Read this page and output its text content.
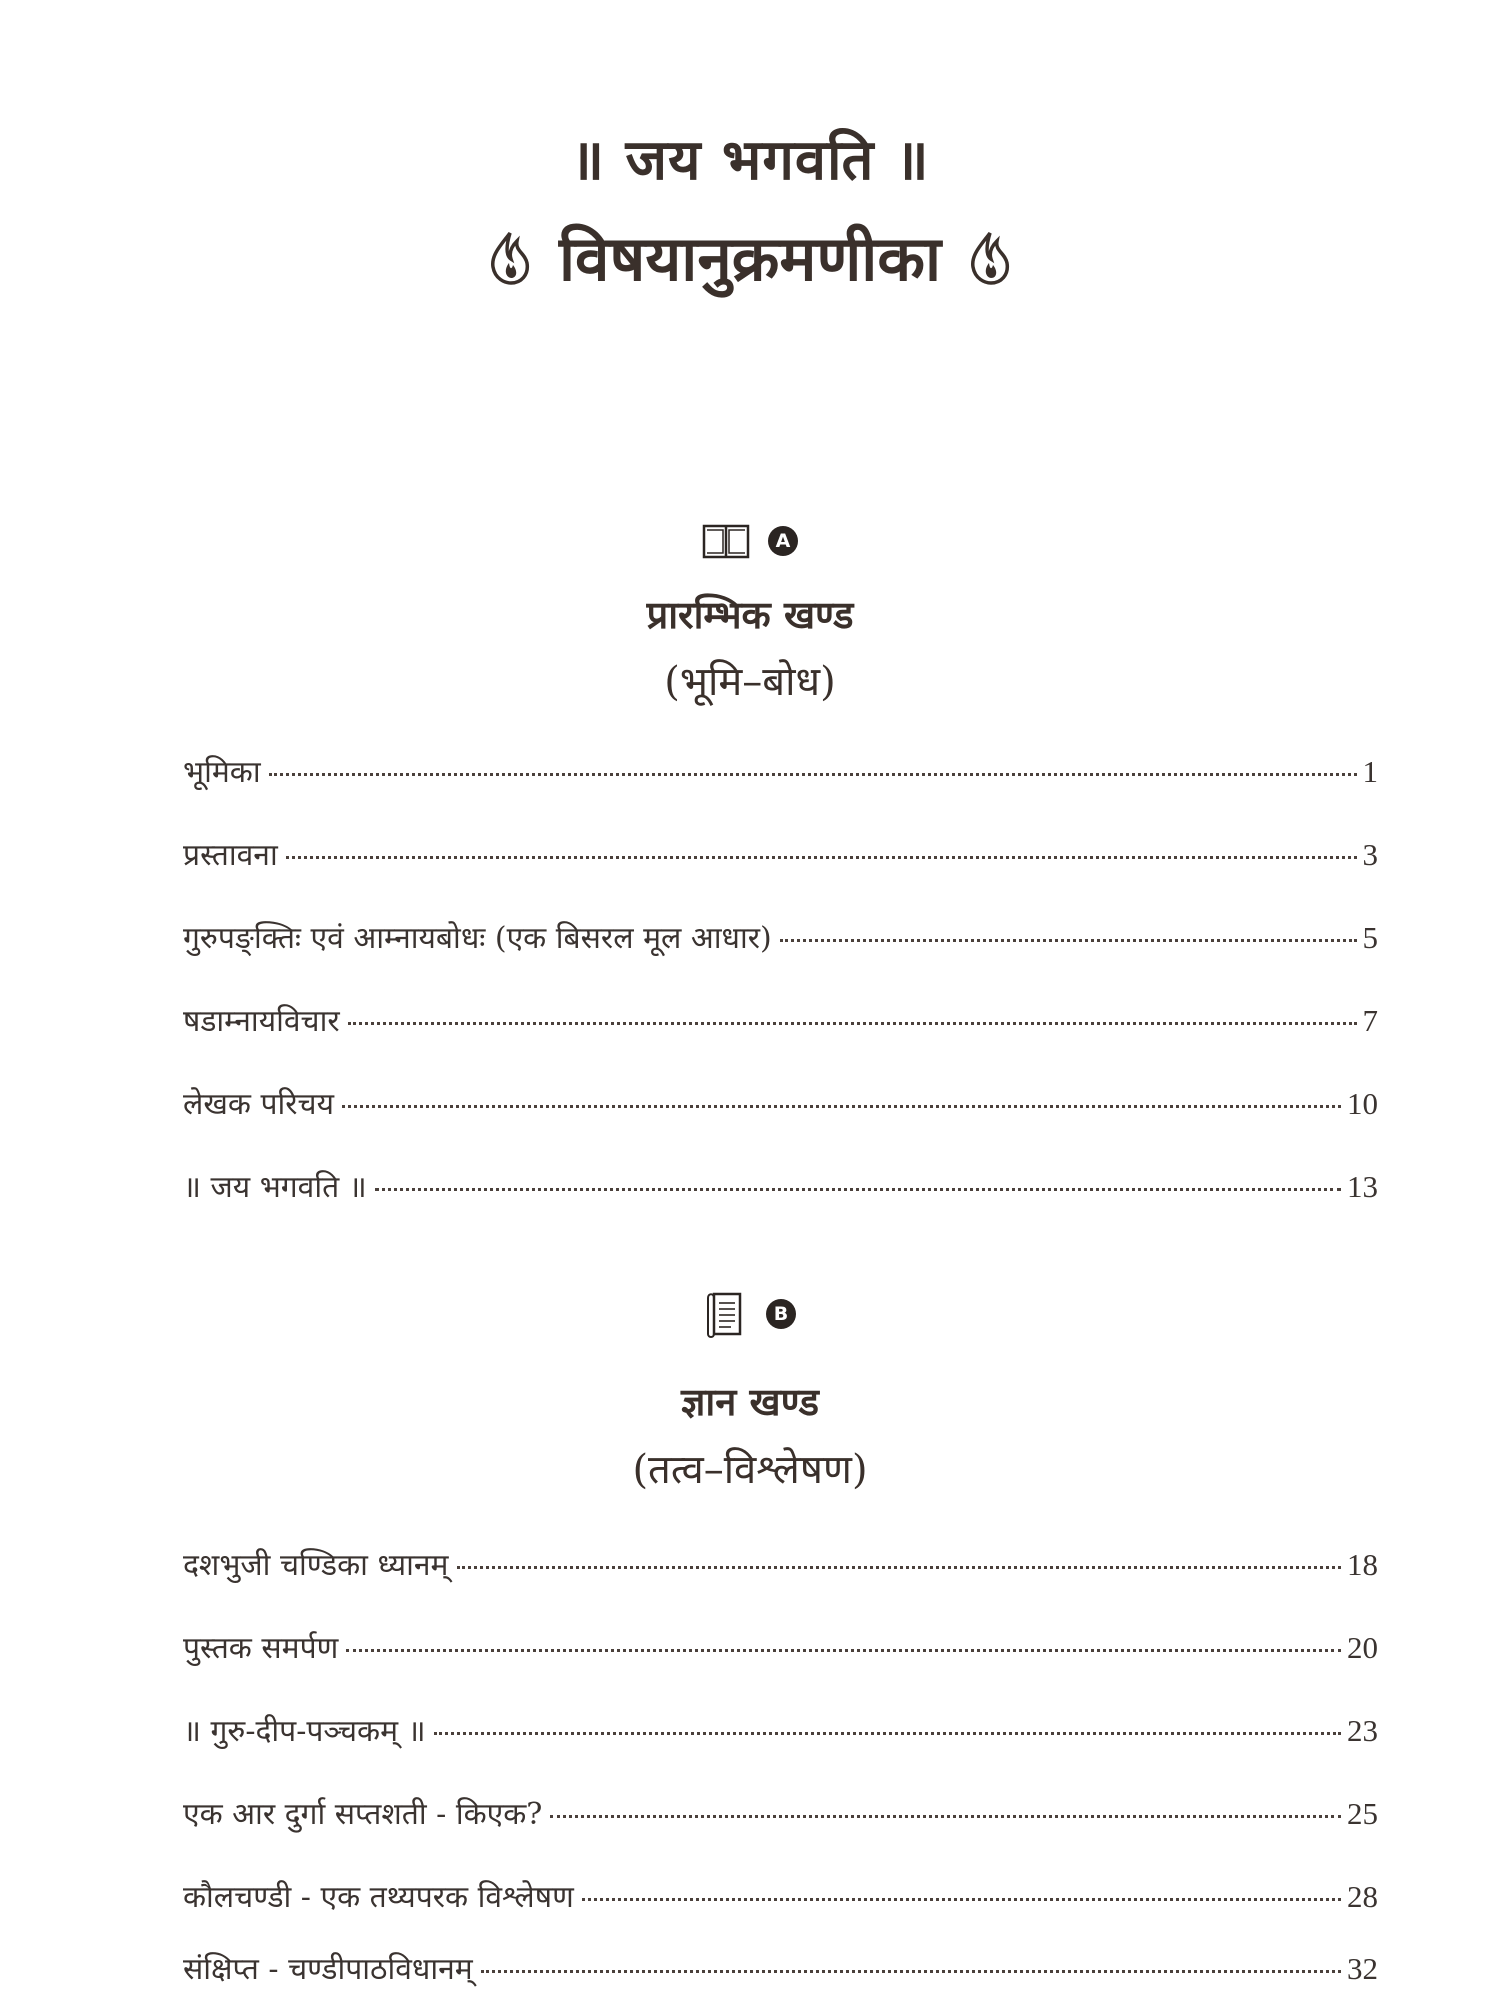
॥ जय भगवति ॥
विषयानुक्रमणीका
A
प्रारम्भिक खण्ड
(भूमि–बोध)
भूमिका	1
प्रस्तावना	3
गुरुपङ्क्तिः एवं आम्नायबोधः (एक बिसरल मूल आधार)	5
षडाम्नायविचार	7
लेखक परिचय	10
॥ जय भगवति ॥	13
B
ज्ञान खण्ड
(तत्व–विश्लेषण)
दशभुजी चण्डिका ध्यानम्	18
पुस्तक समर्पण	20
॥ गुरु-दीप-पञ्चकम् ॥	23
एक आर दुर्गा सप्तशती - किएक?	25
कौलचण्डी - एक तथ्यपरक विश्लेषण	28
संक्षिप्त - चण्डीपाठविधानम्	32
